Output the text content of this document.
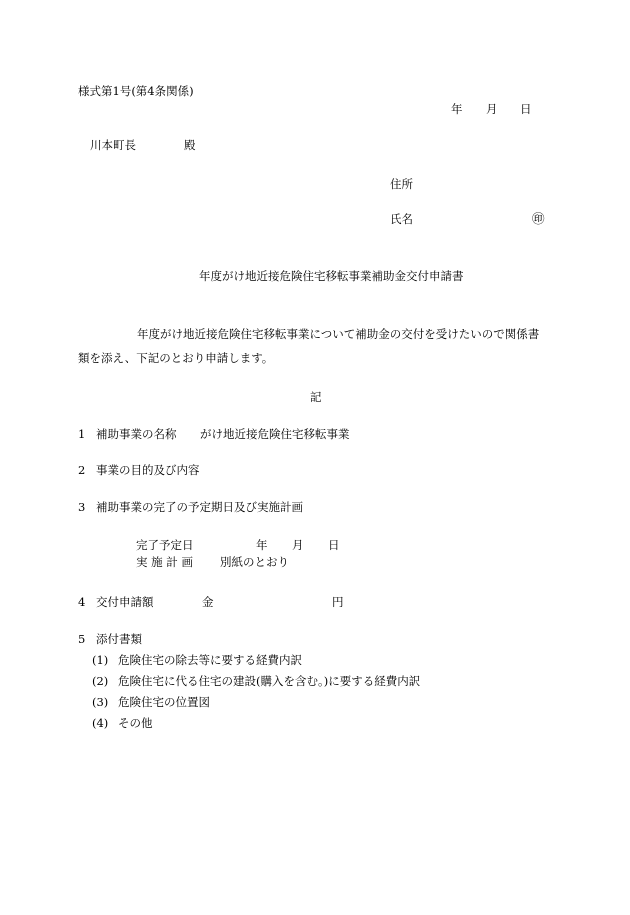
様式第1号(第4条関係)
年 月 日
川本町長	殿
住所
氏名	㊞
年度がけ地近接危険住宅移転事業補助金交付申請書
年度がけ地近接危険住宅移転事業について補助金の交付を受けたいので関係書
類を添え、下記のとおり申請します。
記
1 補助事業の名称 がけ地近接危険住宅移転事業
2 事業の目的及び内容
3 補助事業の完了の予定期日及び実施計画
完了予定日	年 月 日
実 施 計 画 別紙のとおり
4 交付申請額	金	円
5 添付書類
(1) 危険住宅の除去等に要する経費内訳
(2) 危険住宅に代る住宅の建設(購入を含む。)に要する経費内訳
(3) 危険住宅の位置図
(4) その他
